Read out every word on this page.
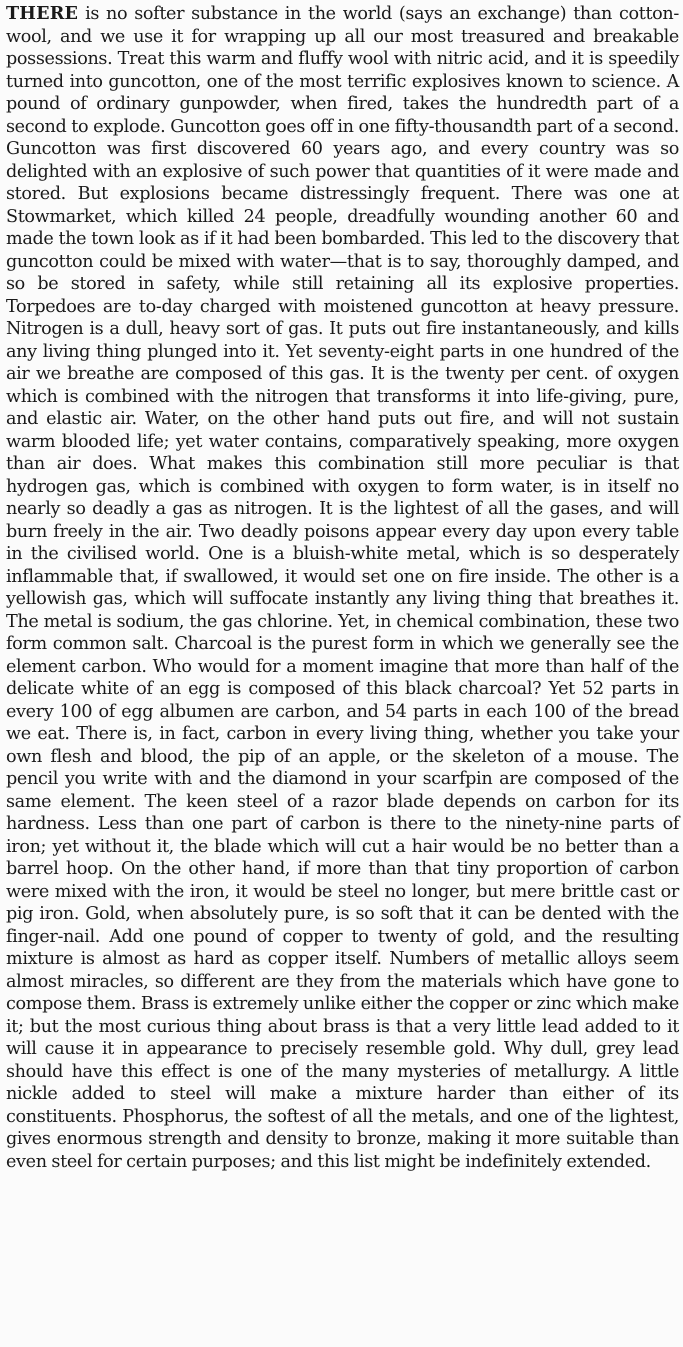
THERE is no softer substance in the world (says an exchange) than cotton-wool, and we use it for wrapping up all our most treasured and breakable possessions. Treat this warm and fluffy wool with nitric acid, and it is speedily turned into guncotton, one of the most terrific explosives known to science. A pound of ordinary gunpowder, when fired, takes the hundredth part of a second to explode. Guncotton goes off in one fifty-thousandth part of a second. Guncotton was first discovered 60 years ago, and every country was so delighted with an explosive of such power that quantities of it were made and stored. But explosions became distressingly frequent. There was one at Stowmarket, which killed 24 people, dreadfully wounding another 60 and made the town look as if it had been bombarded. This led to the discovery that guncotton could be mixed with water—that is to say, thoroughly damped, and so be stored in safety, while still retaining all its explosive properties. Torpedoes are to-day charged with moistened guncotton at heavy pressure. Nitrogen is a dull, heavy sort of gas. It puts out fire instantaneously, and kills any living thing plunged into it. Yet seventy-eight parts in one hundred of the air we breathe are composed of this gas. It is the twenty per cent. of oxygen which is combined with the nitrogen that transforms it into life-giving, pure, and elastic air. Water, on the other hand puts out fire, and will not sustain warm blooded life; yet water contains, comparatively speaking, more oxygen than air does. What makes this combination still more peculiar is that hydrogen gas, which is combined with oxygen to form water, is in itself no nearly so deadly a gas as nitrogen. It is the lightest of all the gases, and will burn freely in the air. Two deadly poisons appear every day upon every table in the civilised world. One is a bluish-white metal, which is so desperately inflammable that, if swallowed, it would set one on fire inside. The other is a yellowish gas, which will suffocate instantly any living thing that breathes it. The metal is sodium, the gas chlorine. Yet, in chemical combination, these two form common salt. Charcoal is the purest form in which we generally see the element carbon. Who would for a moment imagine that more than half of the delicate white of an egg is composed of this black charcoal? Yet 52 parts in every 100 of egg albumen are carbon, and 54 parts in each 100 of the bread we eat. There is, in fact, carbon in every living thing, whether you take your own flesh and blood, the pip of an apple, or the skeleton of a mouse. The pencil you write with and the diamond in your scarfpin are composed of the same element. The keen steel of a razor blade depends on carbon for its hardness. Less than one part of carbon is there to the ninety-nine parts of iron; yet without it, the blade which will cut a hair would be no better than a barrel hoop. On the other hand, if more than that tiny proportion of carbon were mixed with the iron, it would be steel no longer, but mere brittle cast or pig iron. Gold, when absolutely pure, is so soft that it can be dented with the finger-nail. Add one pound of copper to twenty of gold, and the resulting mixture is almost as hard as copper itself. Numbers of metallic alloys seem almost miracles, so different are they from the materials which have gone to compose them. Brass is extremely unlike either the copper or zinc which make it; but the most curious thing about brass is that a very little lead added to it will cause it in appearance to precisely resemble gold. Why dull, grey lead should have this effect is one of the many mysteries of metallurgy. A little nickle added to steel will make a mixture harder than either of its constituents. Phosphorus, the softest of all the metals, and one of the lightest, gives enormous strength and density to bronze, making it more suitable than even steel for certain purposes; and this list might be indefinitely extended.
